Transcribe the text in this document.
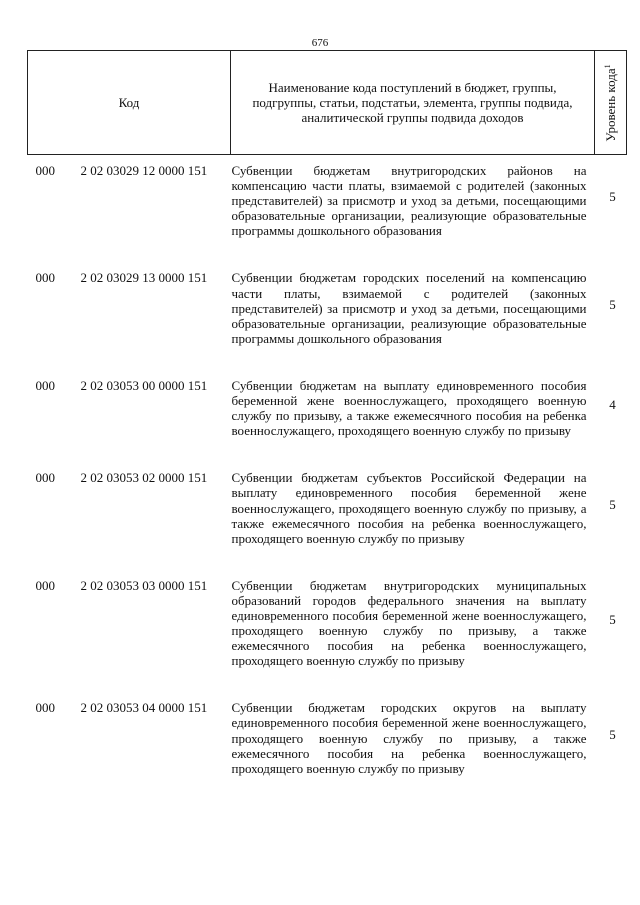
676
Код	Наименование кода поступлений в бюджет, группы, подгруппы, статьи, подстатьи, элемента, группы подвида, аналитической группы подвида доходов	Уровень кода$^1$

000 2 02 03029 12 0000 151	Субвенции бюджетам внутригородских районов на компенсацию части платы, взимаемой с родителей (законных представителей) за присмотр и уход за детьми, посещающими образовательные организации, реализующие образовательные программы дошкольного образования	5

000 2 02 03029 13 0000 151	Субвенции бюджетам городских поселений на компенсацию части платы, взимаемой с родителей (законных представителей) за присмотр и уход за детьми, посещающими образовательные организации, реализующие образовательные программы дошкольного образования	5

000 2 02 03053 00 0000 151	Субвенции бюджетам на выплату единовременного пособия беременной жене военнослужащего, проходящего военную службу по призыву, а также ежемесячного пособия на ребенка военнослужащего, проходящего военную службу по призыву	4

000 2 02 03053 02 0000 151	Субвенции бюджетам субъектов Российской Федерации на выплату единовременного пособия беременной жене военнослужащего, проходящего военную службу по призыву, а также ежемесячного пособия на ребенка военнослужащего, проходящего военную службу по призыву	5

000 2 02 03053 03 0000 151	Субвенции бюджетам внутригородских муниципальных образований городов федерального значения на выплату единовременного пособия беременной жене военнослужащего, проходящего военную службу по призыву, а также ежемесячного пособия на ребенка военнослужащего, проходящего военную службу по призыву	5

000 2 02 03053 04 0000 151	Субвенции бюджетам городских округов на выплату единовременного пособия беременной жене военнослужащего, проходящего военную службу по призыву, а также ежемесячного пособия на ребенка военнослужащего, проходящего военную службу по призыву	5
